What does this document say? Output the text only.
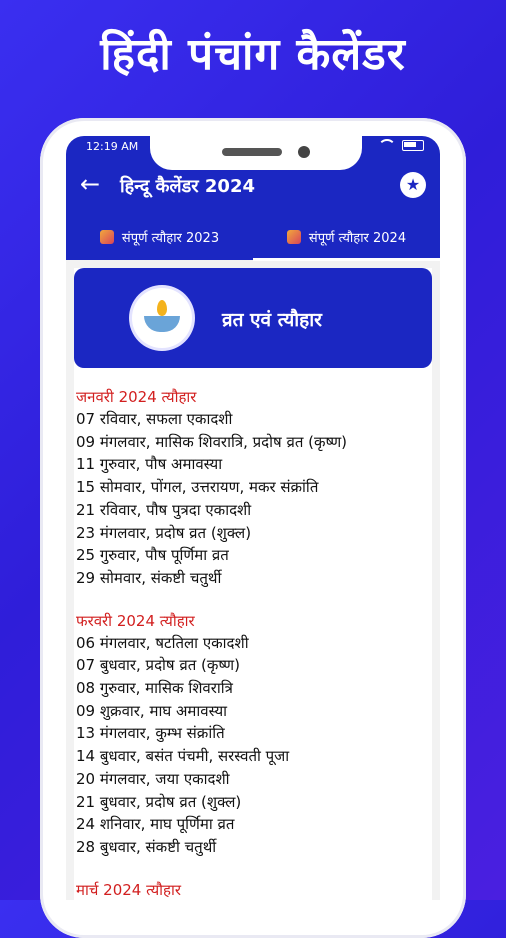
हिंदी पंचांग कैलेंडर
12:19 AM
← हिन्दू कैलेंडर 2024	★
संपूर्ण त्यौहार 2023	संपूर्ण त्यौहार 2024
व्रत एवं त्यौहार
जनवरी 2024 त्यौहार
07 रविवार, सफला एकादशी
09 मंगलवार, मासिक शिवरात्रि, प्रदोष व्रत (कृष्ण)
11 गुरुवार, पौष अमावस्या
15 सोमवार, पोंगल, उत्तरायण, मकर संक्रांति
21 रविवार, पौष पुत्रदा एकादशी
23 मंगलवार, प्रदोष व्रत (शुक्ल)
25 गुरुवार, पौष पूर्णिमा व्रत
29 सोमवार, संकष्टी चतुर्थी
फरवरी 2024 त्यौहार
06 मंगलवार, षटतिला एकादशी
07 बुधवार, प्रदोष व्रत (कृष्ण)
08 गुरुवार, मासिक शिवरात्रि
09 शुक्रवार, माघ अमावस्या
13 मंगलवार, कुम्भ संक्रांति
14 बुधवार, बसंत पंचमी, सरस्वती पूजा
20 मंगलवार, जया एकादशी
21 बुधवार, प्रदोष व्रत (शुक्ल)
24 शनिवार, माघ पूर्णिमा व्रत
28 बुधवार, संकष्टी चतुर्थी
मार्च 2024 त्यौहार
